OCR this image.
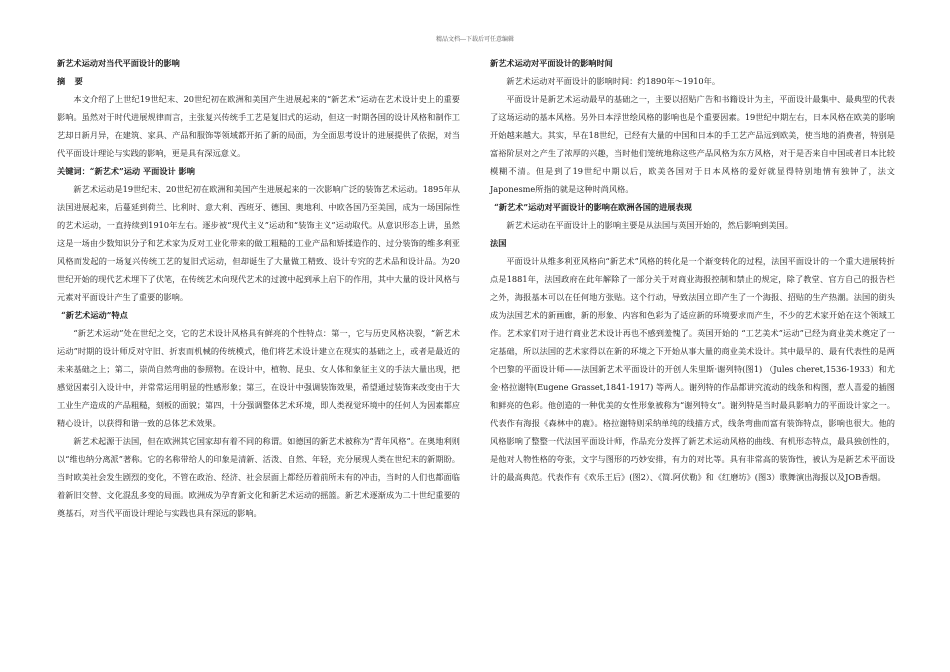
精品文档---下载后可任意编辑
新艺术运动对当代平面设计的影响
摘 要

本文介绍了上世纪19世纪末、20世纪初在欧洲和美国产生进展起来的“新艺术”运动在艺术设计史上的重要影响。虽然对于时代进展规律而言，主张复兴传统手工艺是复旧式的运动，但这一时期各国的设计风格和制作工艺却日新月异，在建筑、家具、产品和服饰等领域都开拓了新的局面，为全面思考设计的进展提供了依据，对当代平面设计理论与实践的影响，更是具有深远意义。

关键词：“新艺术”运动 平面设计 影响

新艺术运动是19世纪末、20世纪初在欧洲和美国产生进展起来的一次影响广泛的装饰艺术运动。1895年从法国进展起来，后蔓延到荷兰、比利时、意大利、西班牙、德国、奥地利、中欧各国乃至美国，成为一场国际性的艺术运动，一直持续到1910年左右。逐步被“现代主义”运动和“装饰主义”运动取代。从意识形态上讲，虽然这是一场由少数知识分子和艺术家为反对工业化带来的做工粗糙的工业产品和矫揉造作的、过分装饰的维多利亚风格而发起的一场复兴传统工艺的复旧式运动，但却诞生了大量做工精致、设计专究的艺术品和设计品。为20世纪开始的现代艺术埋下了伏笔，在传统艺术向现代艺术的过渡中起到承上启下的作用，其中大量的设计风格与元素对平面设计产生了重要的影响。

“新艺术运动”特点

“新艺术运动”处在世纪之交，它的艺术设计风格具有鲜亮的个性特点：第一，它与历史风格决裂，“新艺术运动”时期的设计师反对守旧、折衷而机械的传统模式，他们将艺术设计建立在现实的基础之上，或者是最近的未来基础之上；第二，崇尚自然弯曲的参照物。在设计中，植物、昆虫、女人体和象征主义的手法大量出现，把感觉因素引入设计中，并常常运用明显的性感形象；第三，在设计中强调装饰效果，希望通过装饰来改变由于大工业生产造成的产品粗糙，刻板的面貌；第四，十分强调整体艺术环境，即人类视觉环境中的任何人为因素都应精心设计，以获得和谐一致的总体艺术效果。

新艺术起源于法国，但在欧洲其它国家却有着不同的称谓。如德国的新艺术被称为“青年风格”。在奥地利则以“维也纳分离派”著称。它的名称带给人的印象是清新、活泼、自然、年轻，充分展现人类在世纪末的新期盼。当时欧美社会发生剧烈的变化，不管在政治、经济、社会层面上都经历着前所未有的冲击，当时的人们也都面临着新旧交替、文化混乱多变的局面。欧洲成为孕育新文化和新艺术运动的摇篮。新艺术逐渐成为二十世纪重要的奠基石，对当代平面设计理论与实践也具有深远的影响。

新艺术运动对平面设计的影响时间

新艺术运动对平面设计的影响时间：约1890年～1910年。

平面设计是新艺术运动最早的基础之一，主要以招贴广告和书籍设计为主，平面设计最集中、最典型的代表了这场运动的基本风格。另外日本浮世绘风格的影响也是个重要因素。19世纪中期左右，日本风格在欧美的影响开始越来越大。其实，早在18世纪，已经有大量的中国和日本的手工艺产品远到欧美，使当地的消费者，特别是富裕阶层对之产生了浓厚的兴趣，当时他们笼统地称这些产品风格为东方风格，对于是否来自中国或者日本比较模糊不清。但是到了19世纪中期以后，欧美各国对于日本风格的爱好就显得特别地情有独钟了，法文Japonesme所指的就是这种时尚风格。

“新艺术”运动对平面设计的影响在欧洲各国的进展表现

新艺术运动在平面设计上的影响主要是从法国与英国开始的，然后影响到美国。

法国

平面设计从维多利亚风格向“新艺术”风格的转化是一个渐变转化的过程，法国平面设计的一个重大进展转折点是1881年，法国政府在此年解除了一部分关于对商业海报控制和禁止的规定，除了教堂、官方自己的报告栏之外，海报基本可以在任何地方张贴。这个行动，导致法国立即产生了一个海报、招贴的生产热潮。法国的街头成为法国艺术的新画廊，新的形象、内容和色彩为了适应新的环境要求而产生，不少的艺术家开始在这个领域工作。艺术家们对于进行商业艺术设计再也不感到羞愧了。英国开始的 “工艺美术”运动”已经为商业美术奠定了一定基础，所以法国的艺术家得以在新的环境之下开始从事大量的商业美术设计。其中最早的、最有代表性的是两个巴黎的平面设计师——法国新艺术平面设计的开创人朱里斯·谢列特(图1) （Jules cheret,1536-1933）和尤金·格拉谢特(Eugene Grasset,1841-1917) 等两人。谢列特的作品都讲究流动的线条和构图，惹人喜爱的插图和鲜亮的色彩。他创造的一种优美的女性形象被称为“谢列特女”。谢列特是当时最具影响力的平面设计家之一。代表作有海报《森林中的鹿》。格拉谢特则采纳单纯的线描方式，线条弯曲而富有装饰特点，影响也很大。他的风格影响了整整一代法国平面设计师，作品充分发挥了新艺术运动风格的曲线、有机形态特点，最具独创性的，是他对人物性格的夸张，文字与图形的巧妙安排，有力的对比等。具有非常高的装饰性，被认为是新艺术平面设计的最高典范。代表作有《欢乐王后》(图2）、《简.阿伏勒》和《红磨坊》(图3）歌舞演出海报以及JOB香烟。
